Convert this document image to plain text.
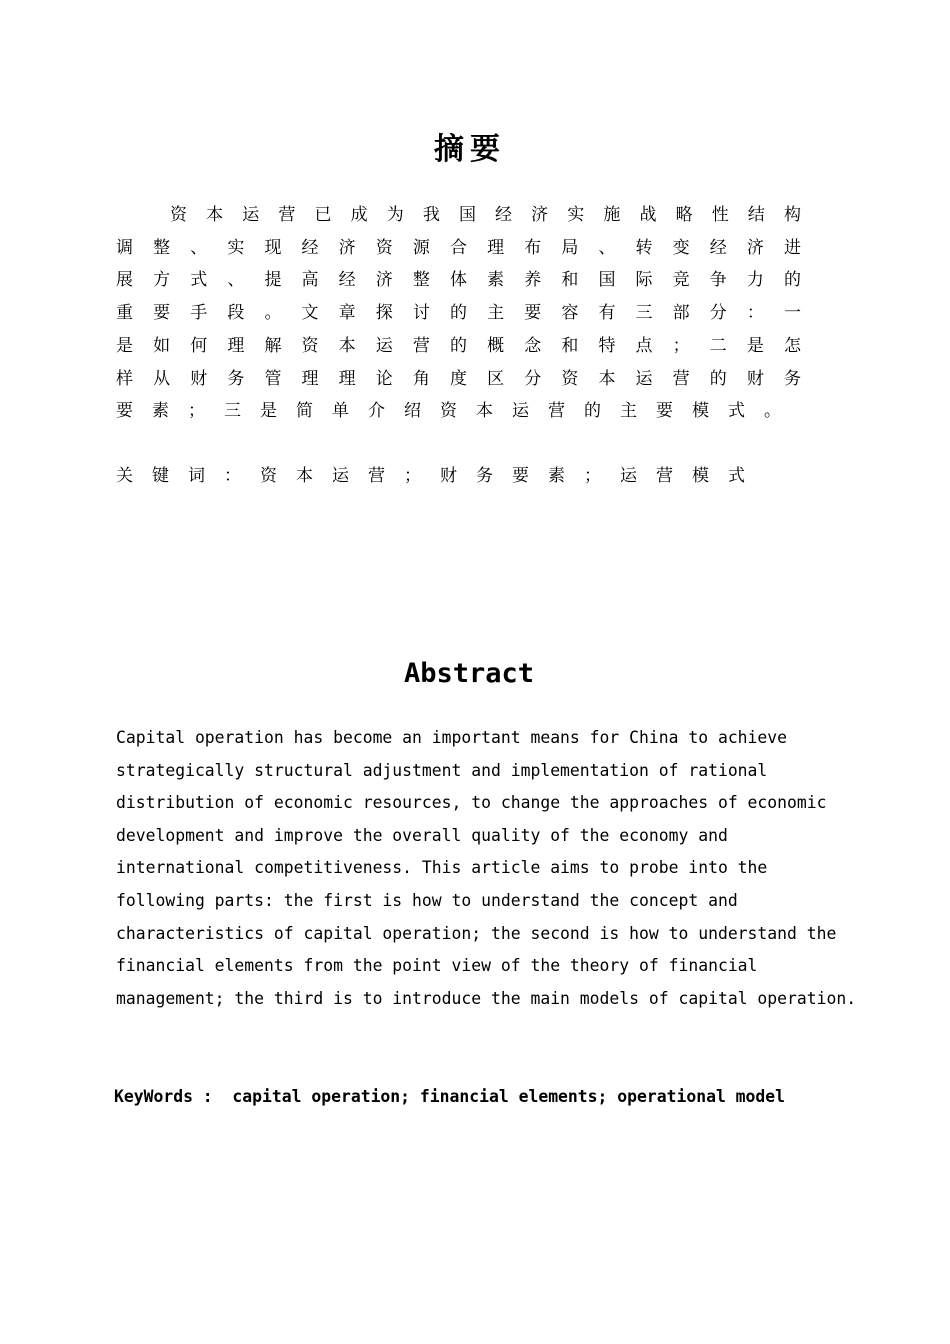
摘要

资本运营已成为我国经济实施战略性结构调整、实现经济资源合理布局、转变经济进展方式、提高经济整体素养和国际竞争力的重要手段。文章探讨的主要容有三部分：一是如何理解资本运营的概念和特点；二是怎样从财务管理理论角度区分资本运营的财务要素；三是简单介绍资本运营的主要模式。

关键词：资本运营；财务要素；运营模式

Abstract

Capital operation has become an important means for China to achieve
strategically structural adjustment and implementation of rational
distribution of economic resources, to change the approaches of economic
development and improve the overall quality of the economy and
international competitiveness. This article aims to probe into the
following parts: the first is how to understand the concept and
characteristics of capital operation; the second is how to understand the
financial elements from the point view of the theory of financial
management; the third is to introduce the main models of capital operation.

KeyWords :  capital operation; financial elements; operational model
